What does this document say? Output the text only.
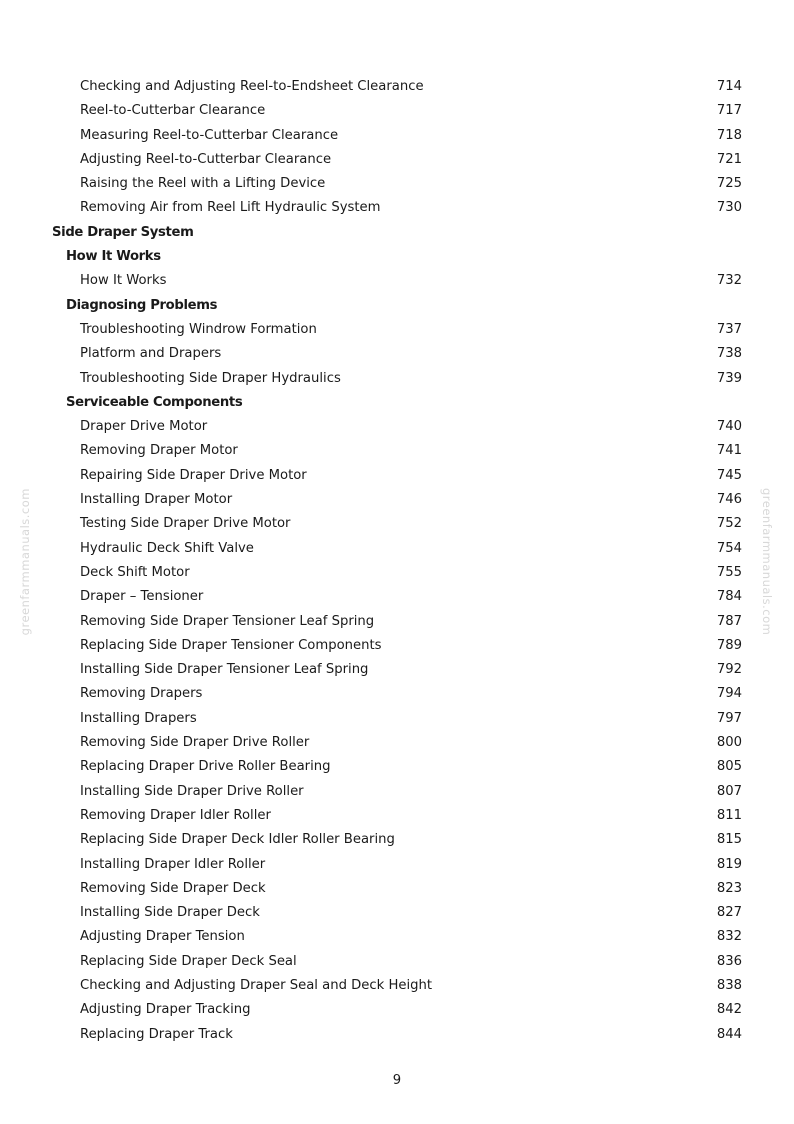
greenfarmmanuals.com	greenfarmmanuals.com
Checking and Adjusting Reel-to-Endsheet Clearance	714
Reel-to-Cutterbar Clearance	717
Measuring Reel-to-Cutterbar Clearance	718
Adjusting Reel-to-Cutterbar Clearance	721
Raising the Reel with a Lifting Device	725
Removing Air from Reel Lift Hydraulic System	730
Side Draper System
How It Works
How It Works	732
Diagnosing Problems
Troubleshooting Windrow Formation	737
Platform and Drapers	738
Troubleshooting Side Draper Hydraulics	739
Serviceable Components
Draper Drive Motor	740
Removing Draper Motor	741
Repairing Side Draper Drive Motor	745
Installing Draper Motor	746
Testing Side Draper Drive Motor	752
Hydraulic Deck Shift Valve	754
Deck Shift Motor	755
Draper – Tensioner	784
Removing Side Draper Tensioner Leaf Spring	787
Replacing Side Draper Tensioner Components	789
Installing Side Draper Tensioner Leaf Spring	792
Removing Drapers	794
Installing Drapers	797
Removing Side Draper Drive Roller	800
Replacing Draper Drive Roller Bearing	805
Installing Side Draper Drive Roller	807
Removing Draper Idler Roller	811
Replacing Side Draper Deck Idler Roller Bearing	815
Installing Draper Idler Roller	819
Removing Side Draper Deck	823
Installing Side Draper Deck	827
Adjusting Draper Tension	832
Replacing Side Draper Deck Seal	836
Checking and Adjusting Draper Seal and Deck Height	838
Adjusting Draper Tracking	842
Replacing Draper Track	844
9
